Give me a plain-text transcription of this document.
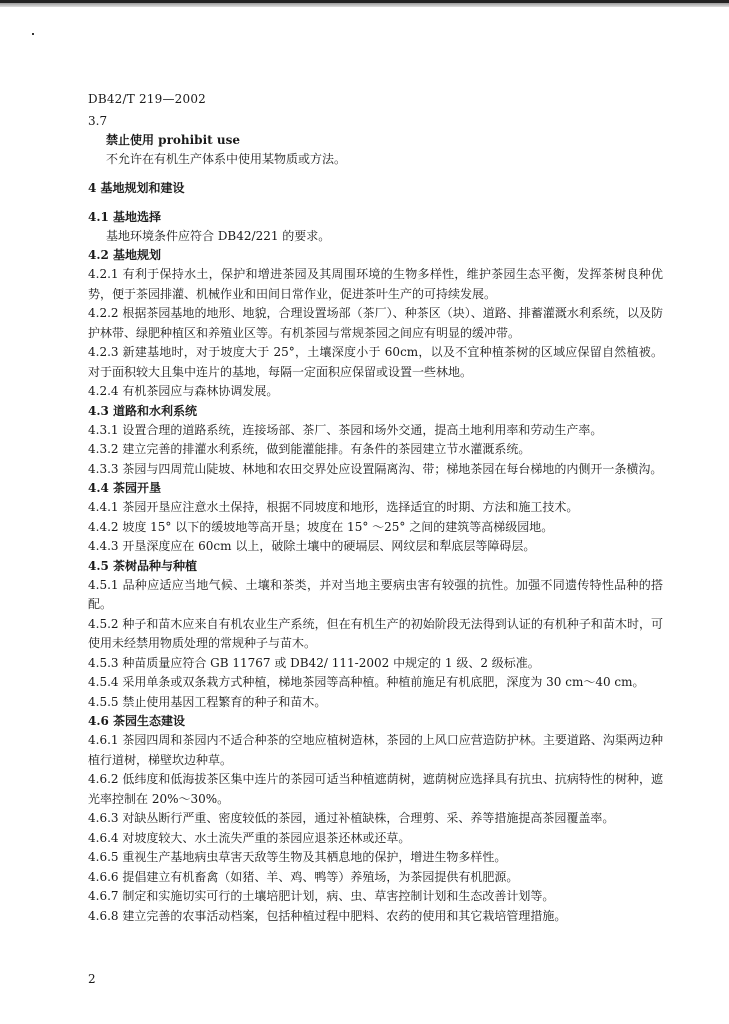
DB42/T 219—2002
3.7
禁止使用 prohibit use
不允许在有机生产体系中使用某物质或方法。
4 基地规划和建设
4.1 基地选择
基地环境条件应符合 DB42/221 的要求。
4.2 基地规划
4.2.1 有利于保持水土，保护和增进茶园及其周围环境的生物多样性，维护茶园生态平衡，发挥茶树良种优势，便于茶园排灌、机械作业和田间日常作业，促进茶叶生产的可持续发展。
4.2.2 根据茶园基地的地形、地貌，合理设置场部（茶厂）、种茶区（块）、道路、排蓄灌溉水利系统，以及防护林带、绿肥种植区和养殖业区等。有机茶园与常规茶园之间应有明显的缓冲带。
4.2.3 新建基地时，对于坡度大于 25°，土壤深度小于 60cm，以及不宜种植茶树的区域应保留自然植被。对于面积较大且集中连片的基地，每隔一定面积应保留或设置一些林地。
4.2.4 有机茶园应与森林协调发展。
4.3 道路和水利系统
4.3.1 设置合理的道路系统，连接场部、茶厂、茶园和场外交通，提高土地利用率和劳动生产率。
4.3.2 建立完善的排灌水利系统，做到能灌能排。有条件的茶园建立节水灌溉系统。
4.3.3 茶园与四周荒山陡坡、林地和农田交界处应设置隔离沟、带；梯地茶园在每台梯地的内侧开一条横沟。
4.4 茶园开垦
4.4.1 茶园开垦应注意水土保持，根据不同坡度和地形，选择适宜的时期、方法和施工技术。
4.4.2 坡度 15° 以下的缓坡地等高开垦；坡度在 15° ～25° 之间的建筑等高梯级园地。
4.4.3 开垦深度应在 60cm 以上，破除土壤中的硬塥层、网纹层和犁底层等障碍层。
4.5 茶树品种与种植
4.5.1 品种应适应当地气候、土壤和茶类，并对当地主要病虫害有较强的抗性。加强不同遗传特性品种的搭配。
4.5.2 种子和苗木应来自有机农业生产系统，但在有机生产的初始阶段无法得到认证的有机种子和苗木时，可使用未经禁用物质处理的常规种子与苗木。
4.5.3 种苗质量应符合 GB 11767 或 DB42/ 111-2002 中规定的 1 级、2 级标准。
4.5.4 采用单条或双条栽方式种植，梯地茶园等高种植。种植前施足有机底肥，深度为 30 cm～40 cm。
4.5.5 禁止使用基因工程繁育的种子和苗木。
4.6 茶园生态建设
4.6.1 茶园四周和茶园内不适合种茶的空地应植树造林，茶园的上风口应营造防护林。主要道路、沟渠两边种植行道树，梯壁坎边种草。
4.6.2 低纬度和低海拔茶区集中连片的茶园可适当种植遮荫树，遮荫树应选择具有抗虫、抗病特性的树种，遮光率控制在 20%～30%。
4.6.3 对缺丛断行严重、密度较低的茶园，通过补植缺株，合理剪、采、养等措施提高茶园覆盖率。
4.6.4 对坡度较大、水土流失严重的茶园应退茶还林或还草。
4.6.5 重视生产基地病虫草害天敌等生物及其栖息地的保护，增进生物多样性。
4.6.6 提倡建立有机畜禽（如猪、羊、鸡、鸭等）养殖场，为茶园提供有机肥源。
4.6.7 制定和实施切实可行的土壤培肥计划，病、虫、草害控制计划和生态改善计划等。
4.6.8 建立完善的农事活动档案，包括种植过程中肥料、农药的使用和其它栽培管理措施。
2
